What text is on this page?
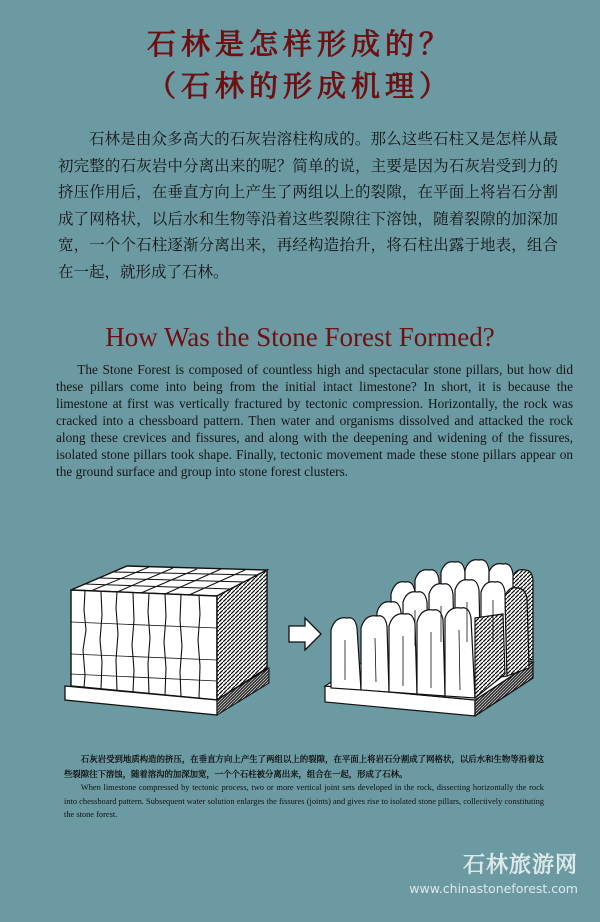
石林是怎样形成的？
（石林的形成机理）

石林是由众多高大的石灰岩溶柱构成的。那么这些石柱又是怎样从最初完整的石灰岩中分离出来的呢？简单的说，主要是因为石灰岩受到力的挤压作用后，在垂直方向上产生了两组以上的裂隙，在平面上将岩石分割成了网格状，以后水和生物等沿着这些裂隙往下溶蚀，随着裂隙的加深加宽，一个个石柱逐渐分离出来，再经构造抬升，将石柱出露于地表，组合在一起，就形成了石林。

How Was the Stone Forest Formed?

The Stone Forest is composed of countless high and spectacular stone pillars, but how did these pillars come into being from the initial intact limestone? In short, it is because the limestone at first was vertically fractured by tectonic compression. Horizontally, the rock was cracked into a chessboard pattern. Then water and organisms dissolved and attacked the rock along these crevices and fissures, and along with the deepening and widening of the fissures, isolated stone pillars took shape. Finally, tectonic movement made these stone pillars appear on the ground surface and group into stone forest clusters.

石灰岩受到地质构造的挤压，在垂直方向上产生了两组以上的裂隙，在平面上将岩石分割成了网格状，以后水和生物等沿着这些裂隙往下溶蚀，随着溶沟的加深加宽，一个个石柱被分离出来，组合在一起，形成了石林。

When limestone compressed by tectonic process, two or more vertical joint sets developed in the rock, dissecting horizontally the rock into chessboard pattern. Subsequent water solution enlarges the fissures (joints) and gives rise to isolated stone pillars, collectively constituting the stone forest.

石林旅游网
www.chinastoneforest.com
